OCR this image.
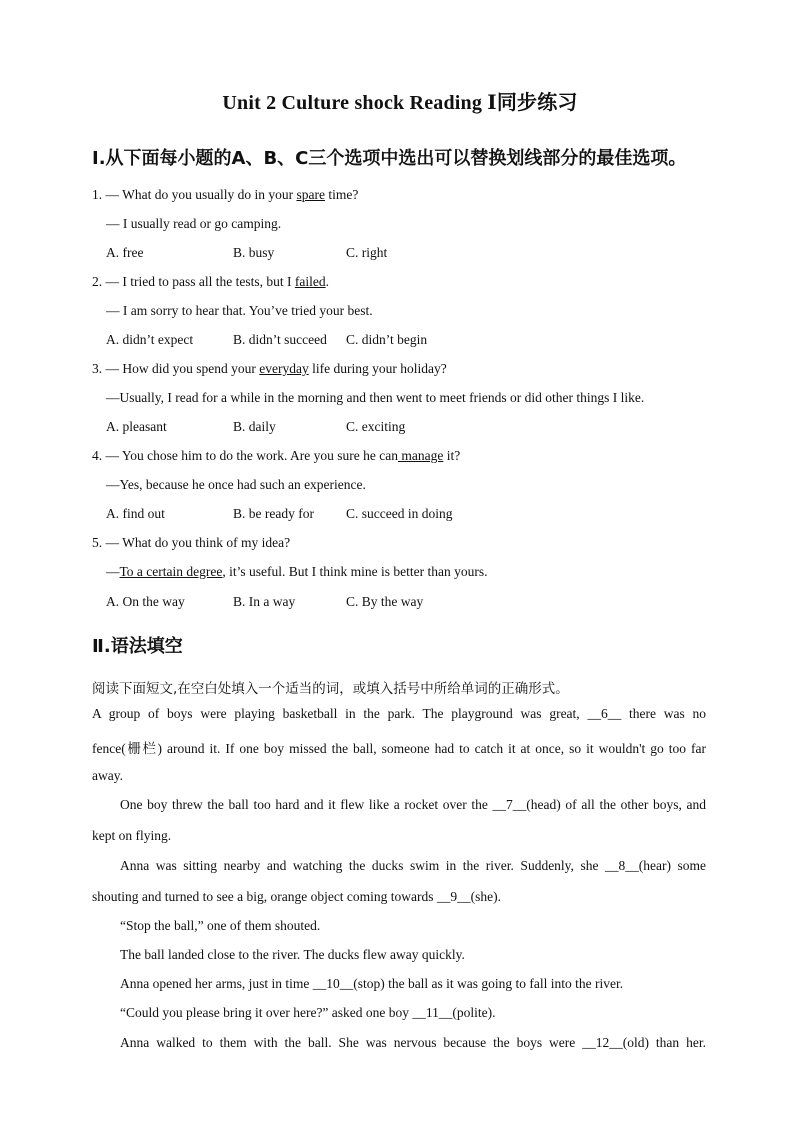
Unit 2 Culture shock Reading Ⅰ同步练习
Ⅰ.从下面每小题的A、B、C三个选项中选出可以替换划线部分的最佳选项。
1. — What do you usually do in your spare time?
— I usually read or go camping.
A. free	B. busy	C. right
2. — I tried to pass all the tests, but I failed.
— I am sorry to hear that. You’ve tried your best.
A. didn’t expect	B. didn’t succeed C. didn’t begin
3. — How did you spend your everyday life during your holiday?
—Usually, I read for a while in the morning and then went to meet friends or did other things I like.
A. pleasant	B. daily	C. exciting
4. — You chose him to do the work. Are you sure he can manage it?
—Yes, because he once had such an experience.
A. find out	B. be ready for C. succeed in doing
5. — What do you think of my idea?
—To a certain degree, it’s useful. But I think mine is better than yours.
A. On the way	B. In a way	C. By the way
Ⅱ.语法填空
阅读下面短文,在空白处填入一个适当的词，或填入括号中所给单词的正确形式。
A group of boys were playing basketball in the park. The playground was great, __6__ there was no
fence(栅栏) around it. If one boy missed the ball, someone had to catch it at once, so it wouldn't go too far
away.
One boy threw the ball too hard and it flew like a rocket over the __7__(head) of all the other boys, and
kept on flying.
Anna was sitting nearby and watching the ducks swim in the river. Suddenly, she __8__(hear) some
shouting and turned to see a big, orange object coming towards __9__(she).
“Stop the ball,” one of them shouted.
The ball landed close to the river. The ducks flew away quickly.
Anna opened her arms, just in time __10__(stop) the ball as it was going to fall into the river.
“Could you please bring it over here?” asked one boy __11__(polite).
Anna walked to them with the ball. She was nervous because the boys were __12__(old) than her.
